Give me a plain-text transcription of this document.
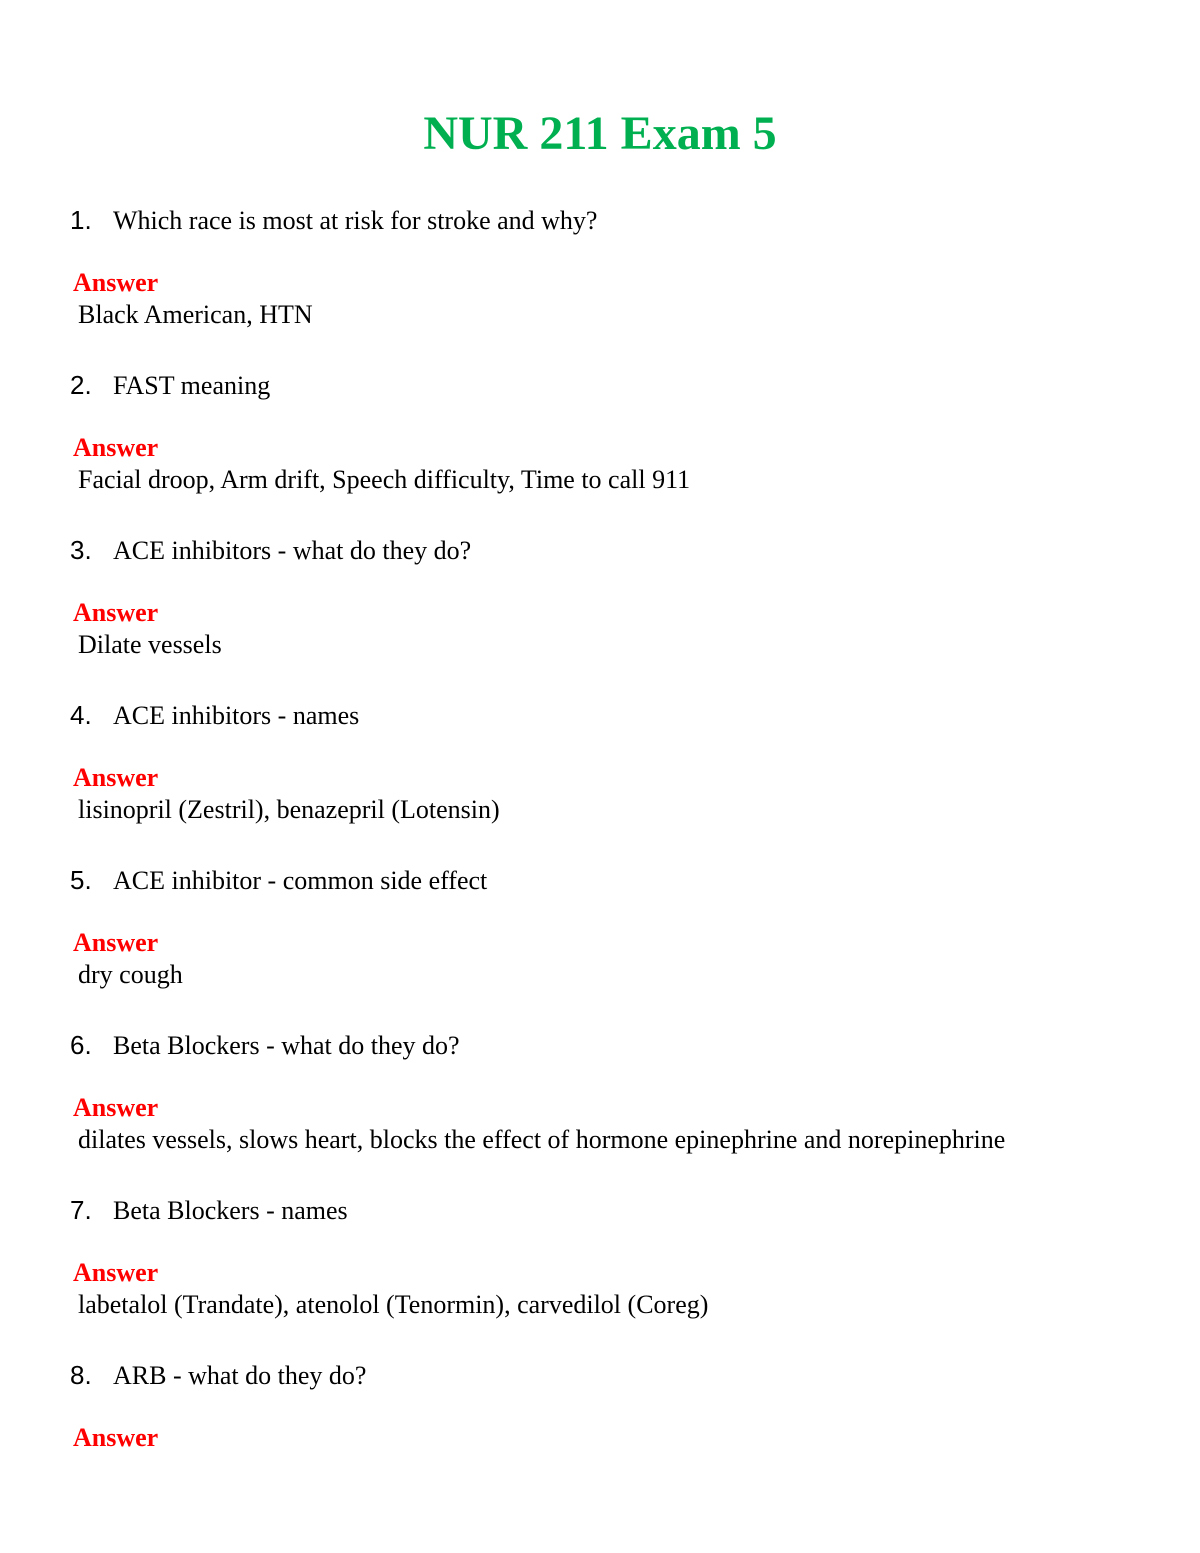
NUR 211 Exam 5
1. Which race is most at risk for stroke and why?
Answer
Black American, HTN
2. FAST meaning
Answer
Facial droop, Arm drift, Speech difficulty, Time to call 911
3. ACE inhibitors - what do they do?
Answer
Dilate vessels
4. ACE inhibitors - names
Answer
lisinopril (Zestril), benazepril (Lotensin)
5. ACE inhibitor - common side effect
Answer
dry cough
6. Beta Blockers - what do they do?
Answer
dilates vessels, slows heart, blocks the effect of hormone epinephrine and norepinephrine
7. Beta Blockers - names
Answer
labetalol (Trandate), atenolol (Tenormin), carvedilol (Coreg)
8. ARB - what do they do?
Answer
